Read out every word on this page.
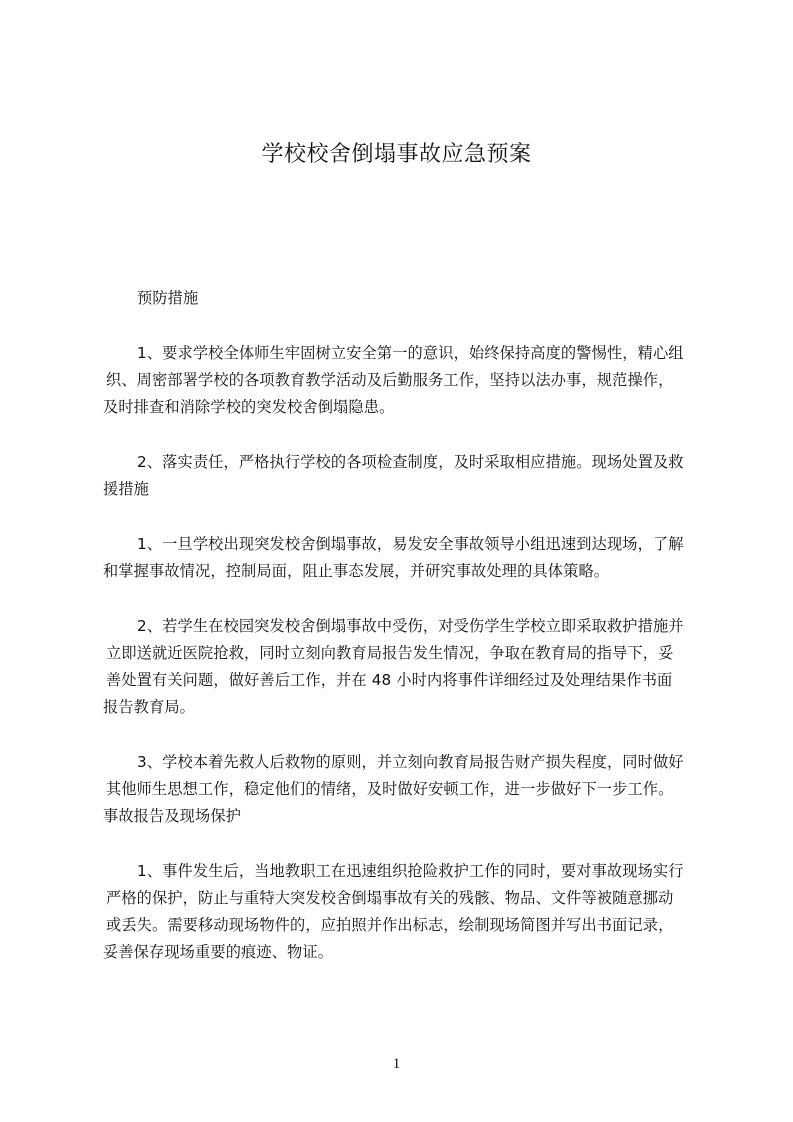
学校校舍倒塌事故应急预案

预防措施

1、要求学校全体师生牢固树立安全第一的意识，始终保持高度的警惕性，精心组

织、周密部署学校的各项教育教学活动及后勤服务工作，坚持以法办事，规范操作，

及时排查和消除学校的突发校舍倒塌隐患。

2、落实责任，严格执行学校的各项检查制度，及时采取相应措施。现场处置及救

援措施

1、一旦学校出现突发校舍倒塌事故，易发安全事故领导小组迅速到达现场，了解

和掌握事故情况，控制局面，阻止事态发展，并研究事故处理的具体策略。

2、若学生在校园突发校舍倒塌事故中受伤，对受伤学生学校立即采取救护措施并

立即送就近医院抢救，同时立刻向教育局报告发生情况，争取在教育局的指导下，妥

善处置有关问题，做好善后工作，并在 48 小时内将事件详细经过及处理结果作书面

报告教育局。

3、学校本着先救人后救物的原则，并立刻向教育局报告财产损失程度，同时做好

其他师生思想工作，稳定他们的情绪，及时做好安顿工作，进一步做好下一步工作。

事故报告及现场保护

1、事件发生后，当地教职工在迅速组织抢险救护工作的同时，要对事故现场实行

严格的保护，防止与重特大突发校舍倒塌事故有关的残骸、物品、文件等被随意挪动

或丢失。需要移动现场物件的，应拍照并作出标志，绘制现场简图并写出书面记录，

妥善保存现场重要的痕迹、物证。

1
